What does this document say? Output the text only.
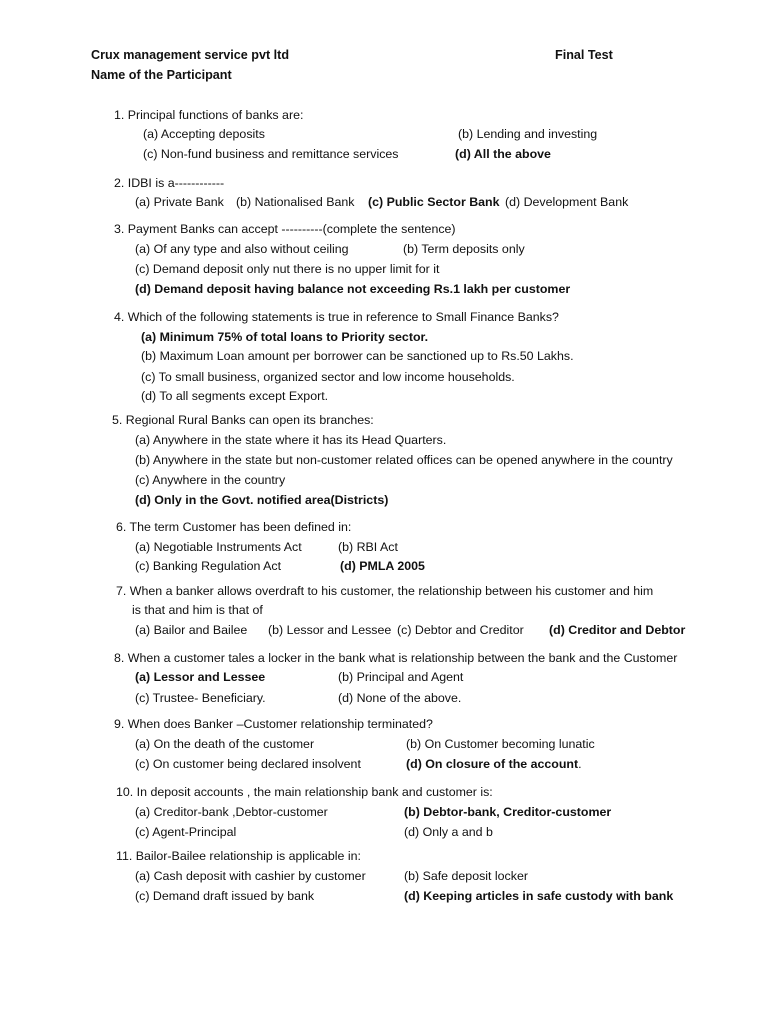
Crux management service pvt ltd	Final Test
Name of the Participant
1. Principal functions of banks are:
(a) Accepting deposits	(b) Lending and investing
(c) Non-fund business and remittance services	(d) All the above
2. IDBI is a------------
(a) Private Bank (b) Nationalised Bank (c) Public Sector Bank (d) Development Bank
3. Payment Banks can accept ----------(complete the sentence)
(a) Of any type and also without ceiling	(b) Term deposits only
(c) Demand deposit only nut there is no upper limit for it
(d) Demand deposit having balance not exceeding Rs.1 lakh per customer
4. Which of the following statements is true in reference to Small Finance Banks?
(a) Minimum 75% of total loans to Priority sector.
(b) Maximum Loan amount per borrower can be sanctioned up to Rs.50 Lakhs.
(c) To small business, organized sector and low income households.
(d) To all segments except Export.
5. Regional Rural Banks can open its branches:
(a) Anywhere in the state where it has its Head Quarters.
(b) Anywhere in the state but non-customer related offices can be opened anywhere in the country
(c) Anywhere in the country
(d) Only in the Govt. notified area(Districts)
6. The term Customer has been defined in:
(a) Negotiable Instruments Act	(b) RBI Act
(c) Banking Regulation Act	(d) PMLA 2005
7. When a banker allows overdraft to his customer, the relationship between his customer and him
is that and him is that of
(a) Bailor and Bailee (b) Lessor and Lessee (c) Debtor and Creditor (d) Creditor and Debtor
8. When a customer tales a locker in the bank what is relationship between the bank and the Customer
(a) Lessor and Lessee	(b) Principal and Agent
(c) Trustee- Beneficiary.	(d) None of the above.
9. When does Banker –Customer relationship terminated?
(a) On the death of the customer	(b) On Customer becoming lunatic
(c) On customer being declared insolvent	(d) On closure of the account.
10. In deposit accounts , the main relationship bank and customer is:
(a) Creditor-bank ,Debtor-customer	(b) Debtor-bank, Creditor-customer
(c) Agent-Principal	(d) Only a and b
11. Bailor-Bailee relationship is applicable in:
(a) Cash deposit with cashier by customer	(b) Safe deposit locker
(c) Demand draft issued by bank	(d) Keeping articles in safe custody with bank
